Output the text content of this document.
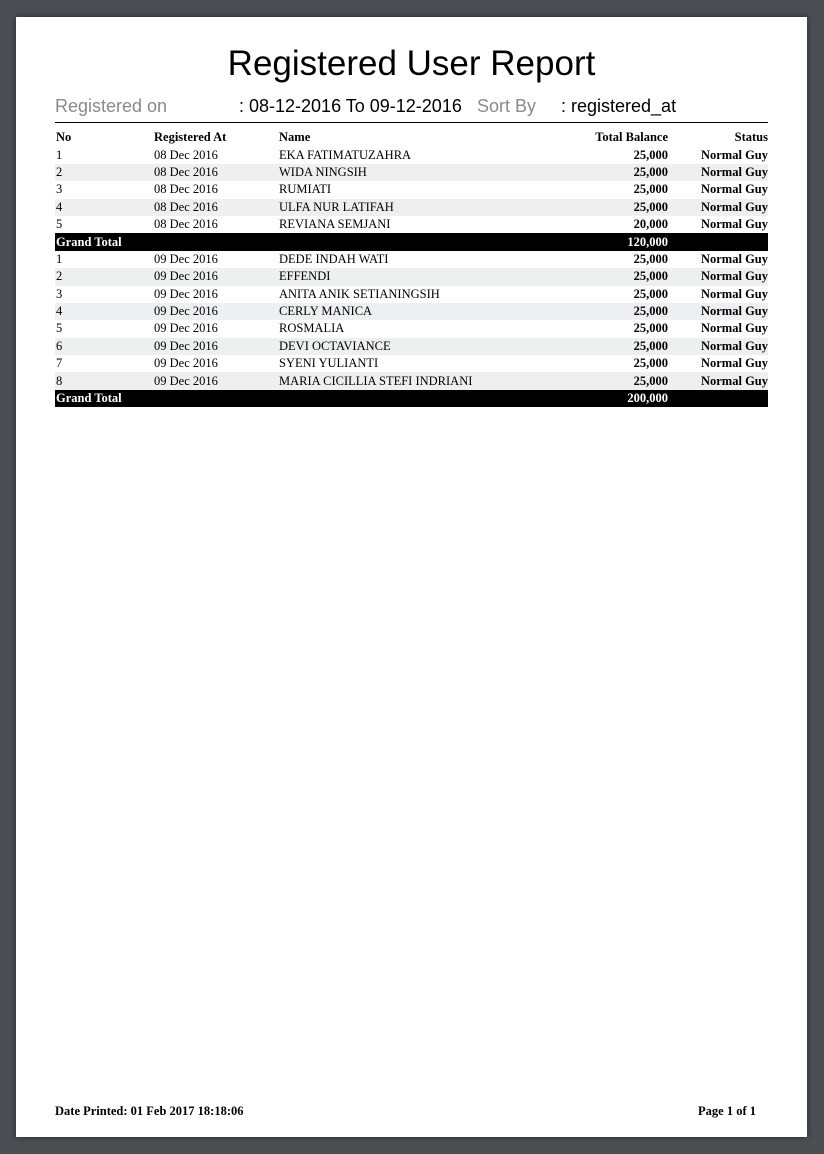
Registered User Report
Registered on	: 08-12-2016 To 09-12-2016 Sort By : registered_at
No	Registered At	Name	Total Balance	Status
1	08 Dec 2016	EKA FATIMATUZAHRA	25,000	Normal Guy
2	08 Dec 2016	WIDA NINGSIH	25,000	Normal Guy
3	08 Dec 2016	RUMIATI	25,000	Normal Guy
4	08 Dec 2016	ULFA NUR LATIFAH	25,000	Normal Guy
5	08 Dec 2016	REVIANA SEMJANI	20,000	Normal Guy
Grand Total			120,000	
1	09 Dec 2016	DEDE INDAH WATI	25,000	Normal Guy
2	09 Dec 2016	EFFENDI	25,000	Normal Guy
3	09 Dec 2016	ANITA ANIK SETIANINGSIH	25,000	Normal Guy
4	09 Dec 2016	CERLY MANICA	25,000	Normal Guy
5	09 Dec 2016	ROSMALIA	25,000	Normal Guy
6	09 Dec 2016	DEVI OCTAVIANCE	25,000	Normal Guy
7	09 Dec 2016	SYENI YULIANTI	25,000	Normal Guy
8	09 Dec 2016	MARIA CICILLIA STEFI INDRIANI	25,000	Normal Guy
Grand Total			200,000	
Date Printed: 01 Feb 2017 18:18:06	Page 1 of 1
